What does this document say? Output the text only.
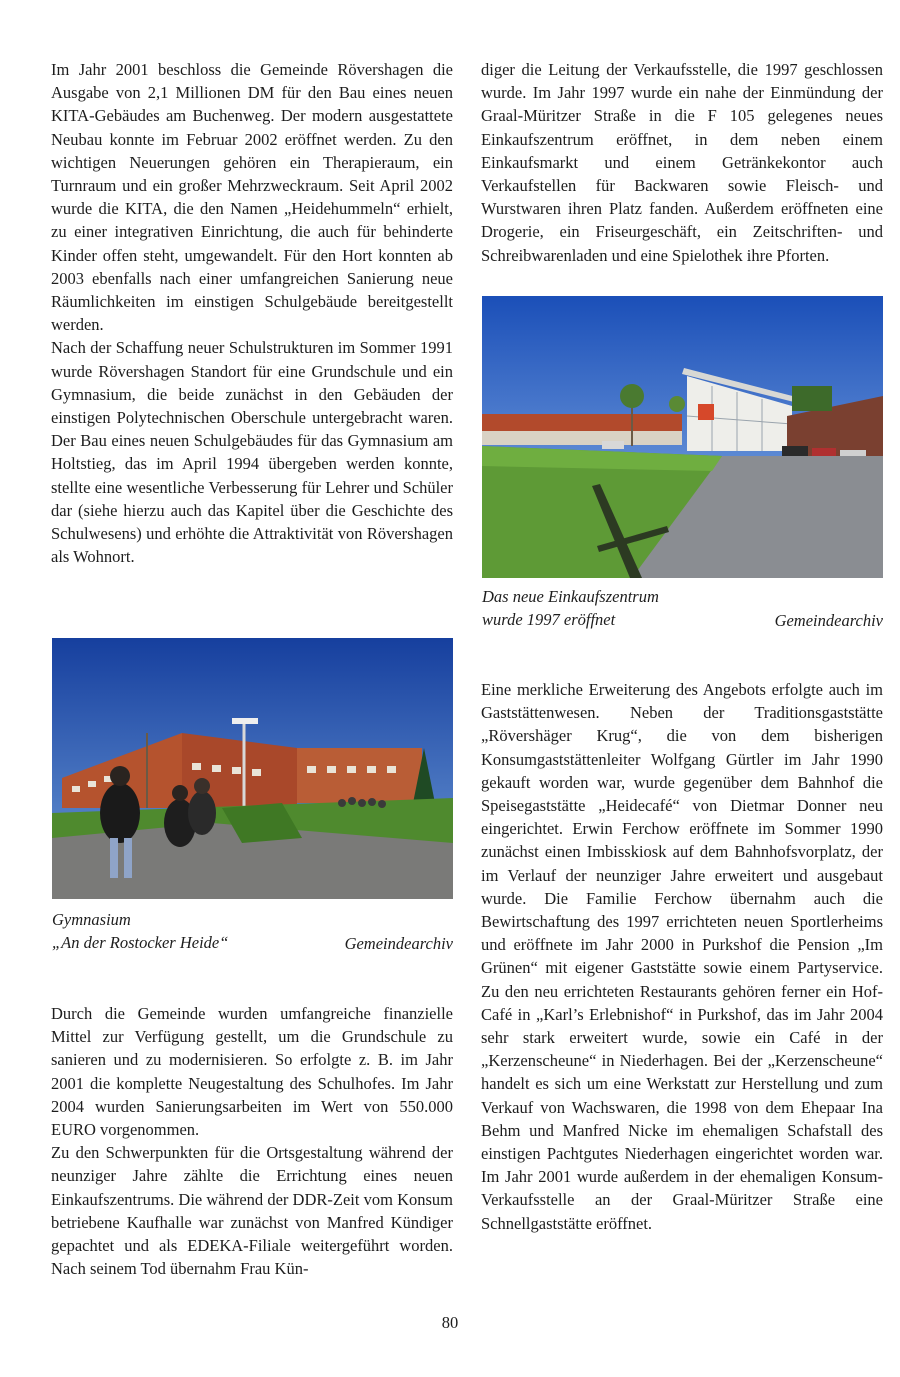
Im Jahr 2001 beschloss die Gemeinde Rövershagen die Ausgabe von 2,1 Millionen DM für den Bau eines neuen KITA-Gebäudes am Buchenweg. Der modern ausgestattete Neubau konnte im Februar 2002 eröffnet werden. Zu den wichtigen Neuerungen gehören ein Therapieraum, ein Turnraum und ein großer Mehrzweckraum. Seit April 2002 wurde die KITA, die den Namen „Heidehummeln“ erhielt, zu einer integrativen Einrichtung, die auch für behinderte Kinder offen steht, umgewandelt. Für den Hort konnten ab 2003 ebenfalls nach einer umfangreichen Sanierung neue Räumlichkeiten im einstigen Schulgebäude bereitgestellt werden.

Nach der Schaffung neuer Schulstrukturen im Sommer 1991 wurde Rövershagen Standort für eine Grundschule und ein Gymnasium, die beide zunächst in den Gebäuden der einstigen Polytechnischen Oberschule untergebracht waren. Der Bau eines neuen Schulgebäudes für das Gymnasium am Holtstieg, das im April 1994 übergeben werden konnte, stellte eine wesentliche Verbesserung für Lehrer und Schüler dar (siehe hierzu auch das Kapitel über die Geschichte des Schulwesens) und erhöhte die Attraktivität von Rövershagen als Wohnort.

Gymnasium
„An der Rostocker Heide“	Gemeindearchiv

Durch die Gemeinde wurden umfangreiche finanzielle Mittel zur Verfügung gestellt, um die Grundschule zu sanieren und zu modernisieren. So erfolgte z. B. im Jahr 2001 die komplette Neugestaltung des Schulhofes. Im Jahr 2004 wurden Sanierungsarbeiten im Wert von 550.000 EURO vorgenommen.

Zu den Schwerpunkten für die Ortsgestaltung während der neunziger Jahre zählte die Errichtung eines neuen Einkaufszentrums. Die während der DDR-Zeit vom Konsum betriebene Kaufhalle war zunächst von Manfred Kündiger gepachtet und als EDEKA-Filiale weitergeführt worden. Nach seinem Tod übernahm Frau Kün-

diger die Leitung der Verkaufsstelle, die 1997 geschlossen wurde. Im Jahr 1997 wurde ein nahe der Einmündung der Graal-Müritzer Straße in die F 105 gelegenes neues Einkaufszentrum eröffnet, in dem neben einem Einkaufsmarkt und einem Getränkekontor auch Verkaufstellen für Backwaren sowie Fleisch- und Wurstwaren ihren Platz fanden. Außerdem eröffneten eine Drogerie, ein Friseurgeschäft, ein Zeitschriften- und Schreibwarenladen und eine Spielothek ihre Pforten.

Das neue Einkaufszentrum
wurde 1997 eröffnet	Gemeindearchiv

Eine merkliche Erweiterung des Angebots erfolgte auch im Gaststättenwesen. Neben der Traditionsgaststätte „Rövershäger Krug“, die von dem bisherigen Konsumgaststättenleiter Wolfgang Gürtler im Jahr 1990 gekauft worden war, wurde gegenüber dem Bahnhof die Speisegaststätte „Heidecafé“ von Dietmar Donner neu eingerichtet. Erwin Ferchow eröffnete im Sommer 1990 zunächst einen Imbisskiosk auf dem Bahnhofsvorplatz, der im Verlauf der neunziger Jahre erweitert und ausgebaut wurde. Die Familie Ferchow übernahm auch die Bewirtschaftung des 1997 errichteten neuen Sportlerheims und eröffnete im Jahr 2000 in Purkshof die Pension „Im Grünen“ mit eigener Gaststätte sowie einem Partyservice. Zu den neu errichteten Restaurants gehören ferner ein Hof-Café in „Karl’s Erlebnishof“ in Purkshof, das im Jahr 2004 sehr stark erweitert wurde, sowie ein Café in der „Kerzenscheune“ in Niederhagen. Bei der „Kerzenscheune“ handelt es sich um eine Werkstatt zur Herstellung und zum Verkauf von Wachswaren, die 1998 von dem Ehepaar Ina Behm und Manfred Nicke im ehemaligen Schafstall des einstigen Pachtgutes Niederhagen eingerichtet worden war. Im Jahr 2001 wurde außerdem in der ehemaligen Konsum-Verkaufsstelle an der Graal-Müritzer Straße eine Schnellgaststätte eröffnet.

80
